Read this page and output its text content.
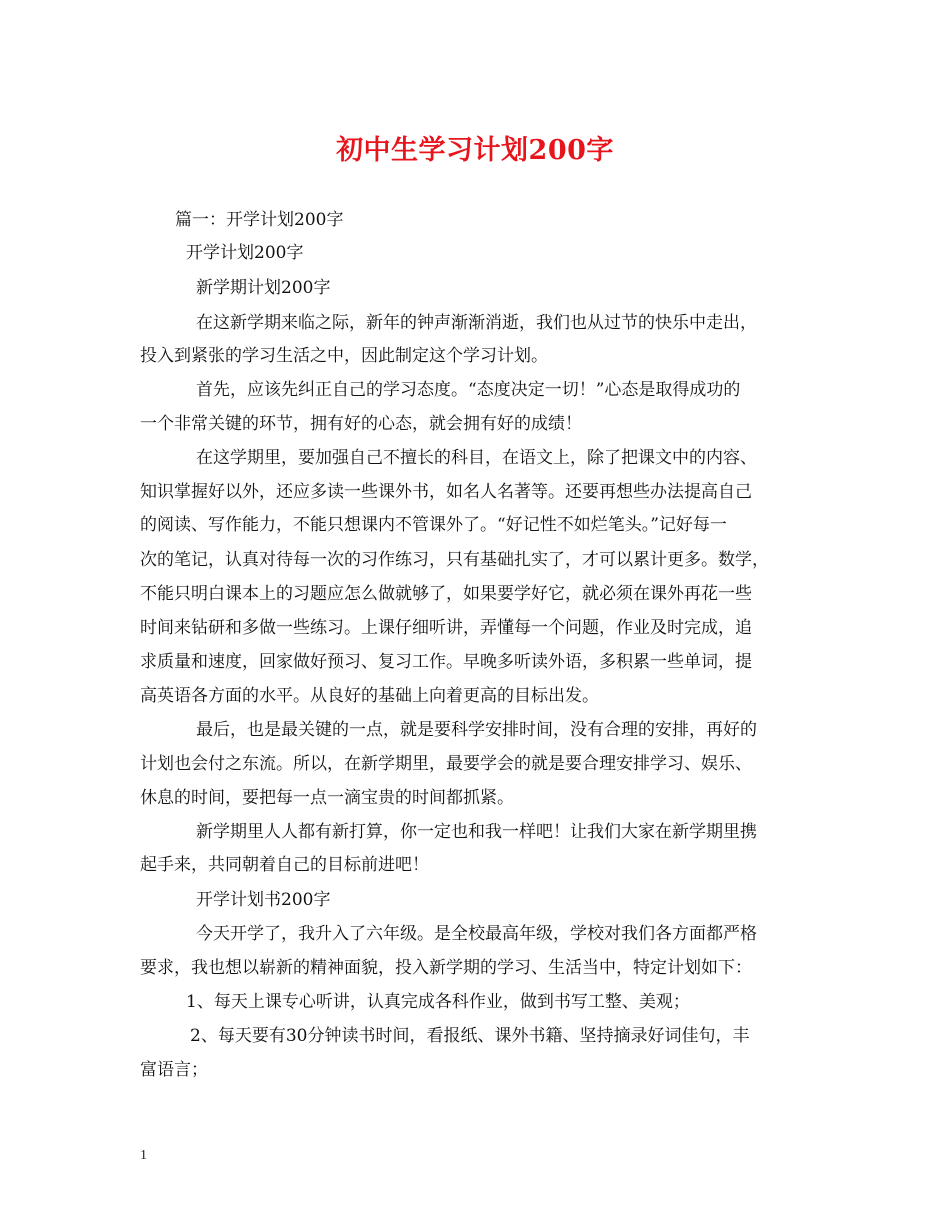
初中生学习计划200字
篇一：开学计划200字
开学计划200字
新学期计划200字
在这新学期来临之际，新年的钟声渐渐消逝，我们也从过节的快乐中走出，
投入到紧张的学习生活之中，因此制定这个学习计划。
首先，应该先纠正自己的学习态度。“态度决定一切！”心态是取得成功的
一个非常关键的环节，拥有好的心态，就会拥有好的成绩！
在这学期里，要加强自己不擅长的科目，在语文上，除了把课文中的内容、
知识掌握好以外，还应多读一些课外书，如名人名著等。还要再想些办法提高自己
的阅读、写作能力，不能只想课内不管课外了。“好记性不如烂笔头。”记好每一
次的笔记，认真对待每一次的习作练习，只有基础扎实了，才可以累计更多。数学，
不能只明白课本上的习题应怎么做就够了，如果要学好它，就必须在课外再花一些
时间来钻研和多做一些练习。上课仔细听讲，弄懂每一个问题，作业及时完成，追
求质量和速度，回家做好预习、复习工作。早晚多听读外语，多积累一些单词，提
高英语各方面的水平。从良好的基础上向着更高的目标出发。
最后，也是最关键的一点，就是要科学安排时间，没有合理的安排，再好的
计划也会付之东流。所以，在新学期里，最要学会的就是要合理安排学习、娱乐、
休息的时间，要把每一点一滴宝贵的时间都抓紧。
新学期里人人都有新打算，你一定也和我一样吧！让我们大家在新学期里携
起手来，共同朝着自己的目标前进吧！
开学计划书200字
今天开学了，我升入了六年级。是全校最高年级，学校对我们各方面都严格
要求，我也想以崭新的精神面貌，投入新学期的学习、生活当中，特定计划如下：
1、每天上课专心听讲，认真完成各科作业，做到书写工整、美观；
2、每天要有30分钟读书时间，看报纸、课外书籍、坚持摘录好词佳句，丰
富语言；
1
